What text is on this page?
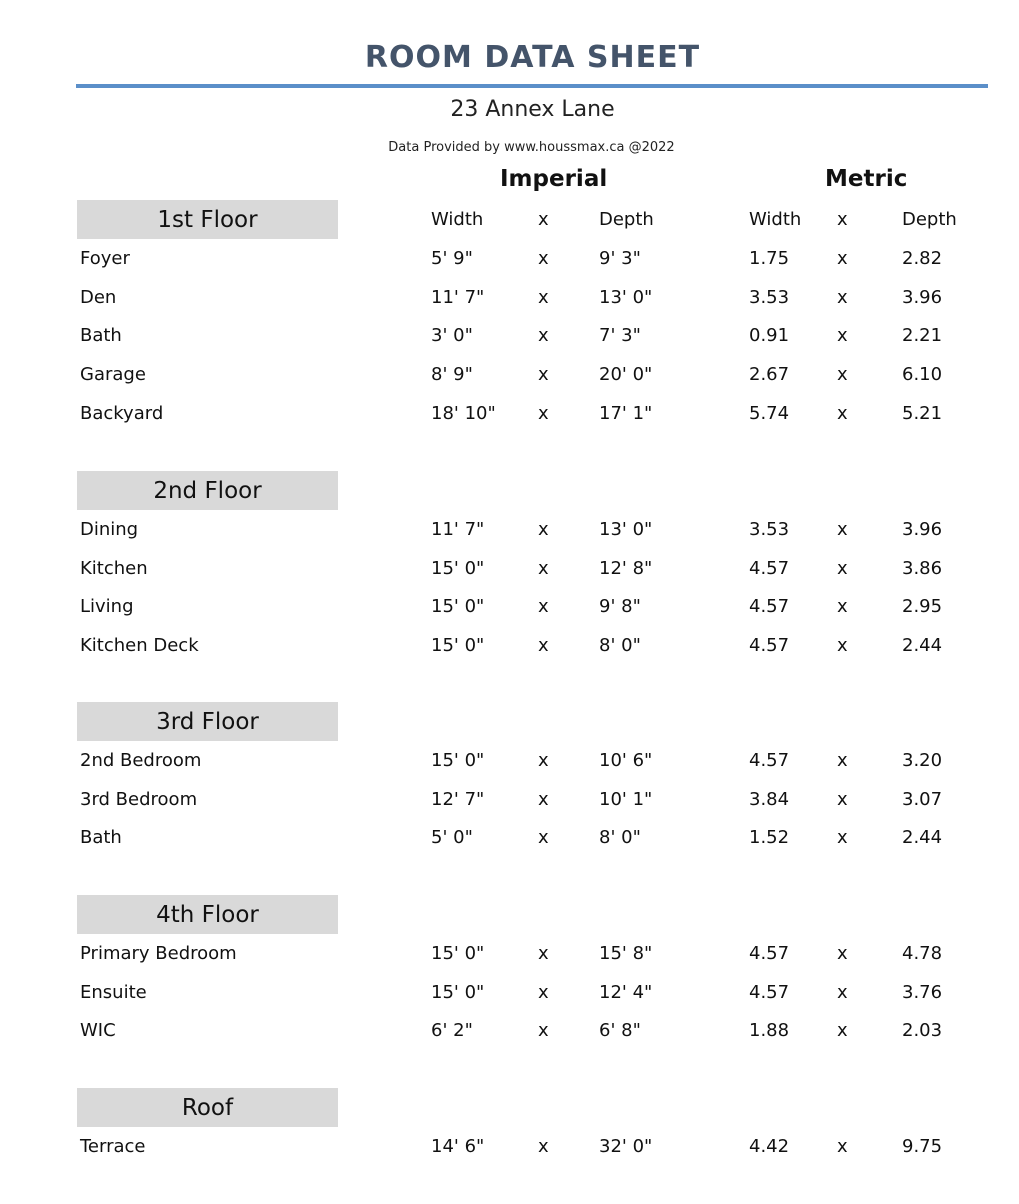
ROOM DATA SHEET
23 Annex Lane
Data Provided by www.houssmax.ca @2022
Imperial	Metric
1st Floor	Width	x	Depth	Width x	Depth
Foyer	5' 9"	x	9' 3"	1.75	x	2.82
Den	11' 7"	x	13' 0"	3.53	x	3.96
Bath	3' 0"	x	7' 3"	0.91	x	2.21
Garage	8' 9"	x	20' 0"	2.67	x	6.10
Backyard	18' 10" x	17' 1"	5.74	x	5.21
2nd Floor
Dining	11' 7"	x	13' 0"	3.53	x	3.96
Kitchen	15' 0"	x	12' 8"	4.57	x	3.86
Living	15' 0"	x	9' 8"	4.57	x	2.95
Kitchen Deck	15' 0"	x	8' 0"	4.57	x	2.44
3rd Floor
2nd Bedroom	15' 0"	x	10' 6"	4.57	x	3.20
3rd Bedroom	12' 7"	x	10' 1"	3.84	x	3.07
Bath	5' 0"	x	8' 0"	1.52	x	2.44
4th Floor
Primary Bedroom	15' 0"	x	15' 8"	4.57	x	4.78
Ensuite	15' 0"	x	12' 4"	4.57	x	3.76
WIC	6' 2"	x	6' 8"	1.88	x	2.03
Roof
Terrace	14' 6"	x	32' 0"	4.42	x	9.75
